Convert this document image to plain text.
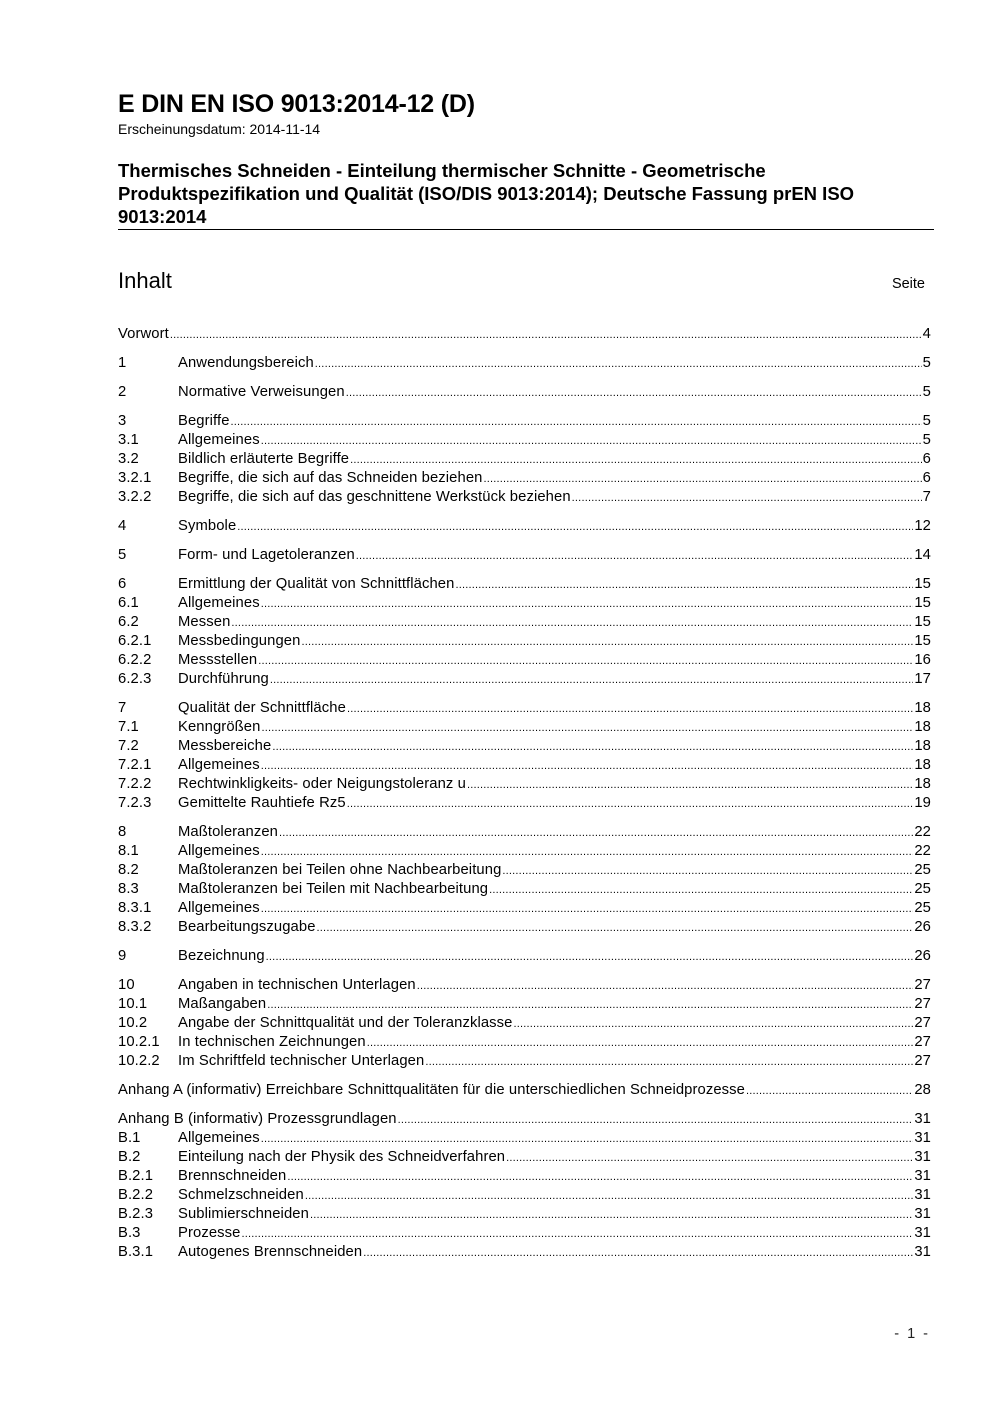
E DIN EN ISO 9013:2014-12 (D)
Erscheinungsdatum: 2014-11-14
Thermisches Schneiden - Einteilung thermischer Schnitte - Geometrische
Produktspezifikation und Qualität (ISO/DIS 9013:2014); Deutsche Fassung prEN ISO
9013:2014
Inhalt	Seite
Vorwort .....	4
1	Anwendungsbereich .....	5
2	Normative Verweisungen .....	5
3	Begriffe .....	5
3.1	Allgemeines .....	5
3.2	Bildlich erläuterte Begriffe .....	6
3.2.1	Begriffe, die sich auf das Schneiden beziehen .....	6
3.2.2	Begriffe, die sich auf das geschnittene Werkstück beziehen .....	7
4	Symbole .....	12
5	Form- und Lagetoleranzen .....	14
6	Ermittlung der Qualität von Schnittflächen .....	15
6.1	Allgemeines .....	15
6.2	Messen .....	15
6.2.1	Messbedingungen .....	15
6.2.2	Messstellen .....	16
6.2.3	Durchführung .....	17
7	Qualität der Schnittfläche .....	18
7.1	Kenngrößen .....	18
7.2	Messbereiche .....	18
7.2.1	Allgemeines .....	18
7.2.2	Rechtwinkligkeits- oder Neigungstoleranz u .....	18
7.2.3	Gemittelte Rauhtiefe Rz5 .....	19
8	Maßtoleranzen .....	22
8.1	Allgemeines .....	22
8.2	Maßtoleranzen bei Teilen ohne Nachbearbeitung .....	25
8.3	Maßtoleranzen bei Teilen mit Nachbearbeitung .....	25
8.3.1	Allgemeines .....	25
8.3.2	Bearbeitungszugabe .....	26
9	Bezeichnung .....	26
10	Angaben in technischen Unterlagen .....	27
10.1	Maßangaben .....	27
10.2	Angabe der Schnittqualität und der Toleranzklasse .....	27
10.2.1	In technischen Zeichnungen .....	27
10.2.2	Im Schriftfeld technischer Unterlagen .....	27
Anhang A (informativ) Erreichbare Schnittqualitäten für die unterschiedlichen Schneidprozesse .....	28
Anhang B (informativ) Prozessgrundlagen .....	31
B.1	Allgemeines .....	31
B.2	Einteilung nach der Physik des Schneidverfahren .....	31
B.2.1	Brennschneiden .....	31
B.2.2	Schmelzschneiden .....	31
B.2.3	Sublimierschneiden .....	31
B.3	Prozesse .....	31
B.3.1	Autogenes Brennschneiden .....	31
- 1 -
